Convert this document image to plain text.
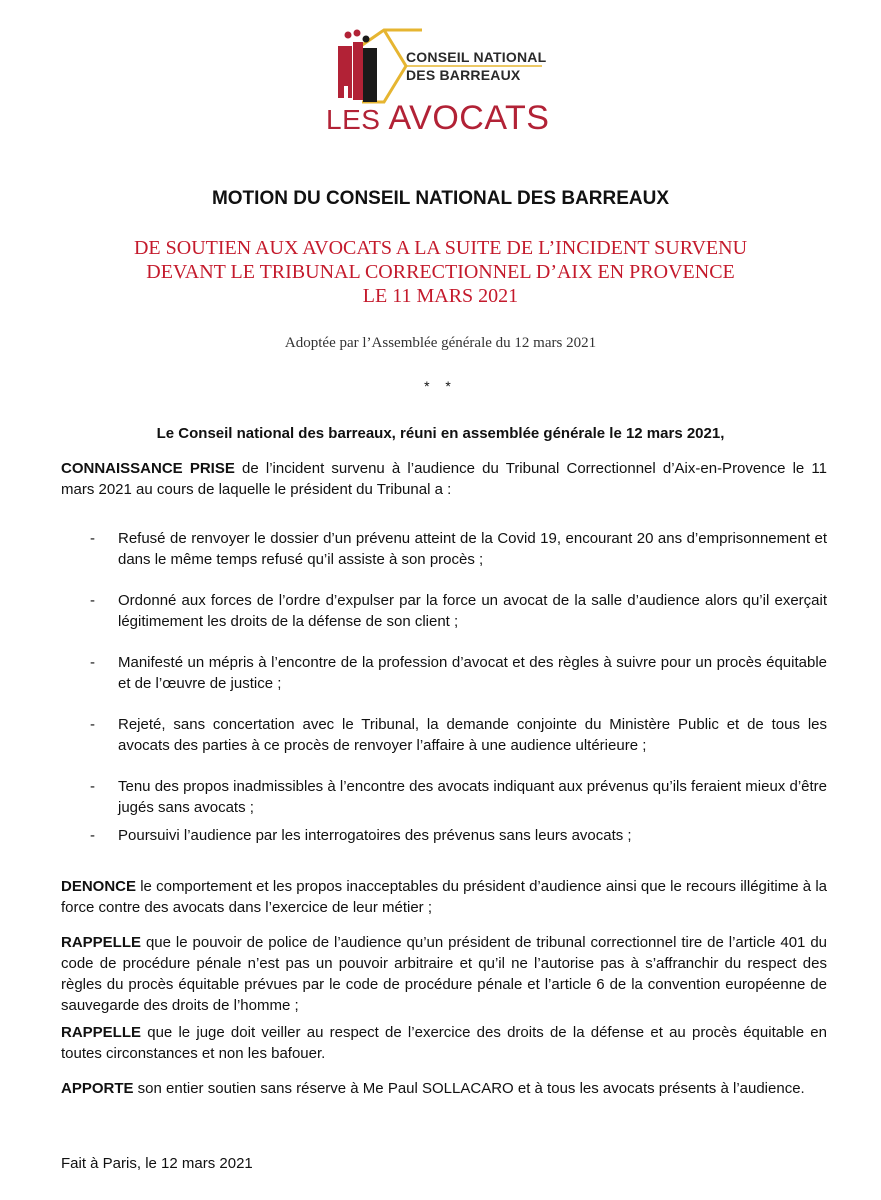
CONSEIL NATIONAL
DES BARREAUX
LES AVOCATS
MOTION DU CONSEIL NATIONAL DES BARREAUX
DE SOUTIEN AUX AVOCATS A LA SUITE DE L’INCIDENT SURVENU
DEVANT LE TRIBUNAL CORRECTIONNEL D’AIX EN PROVENCE
LE 11 MARS 2021
Adoptée par l’Assemblée générale du 12 mars 2021
* *
Le Conseil national des barreaux, réuni en assemblée générale le 12 mars 2021,

CONNAISSANCE PRISE de l’incident survenu à l’audience du Tribunal Correctionnel d’Aix-en-Provence le 11 mars 2021 au cours de laquelle le président du Tribunal a :

- Refusé de renvoyer le dossier d’un prévenu atteint de la Covid 19, encourant 20 ans d’emprisonnement et dans le même temps refusé qu’il assiste à son procès ;
- Ordonné aux forces de l’ordre d’expulser par la force un avocat de la salle d’audience alors qu’il exerçait légitimement les droits de la défense de son client ;
- Manifesté un mépris à l’encontre de la profession d’avocat et des règles à suivre pour un procès équitable et de l’œuvre de justice ;
- Rejeté, sans concertation avec le Tribunal, la demande conjointe du Ministère Public et de tous les avocats des parties à ce procès de renvoyer l’affaire à une audience ultérieure ;
- Tenu des propos inadmissibles à l’encontre des avocats indiquant aux prévenus qu’ils feraient mieux d’être jugés sans avocats ;
- Poursuivi l’audience par les interrogatoires des prévenus sans leurs avocats ;

DENONCE le comportement et les propos inacceptables du président d’audience ainsi que le recours illégitime à la force contre des avocats dans l’exercice de leur métier ;

RAPPELLE que le pouvoir de police de l’audience qu’un président de tribunal correctionnel tire de l’article 401 du code de procédure pénale n’est pas un pouvoir arbitraire et qu’il ne l’autorise pas à s’affranchir du respect des règles du procès équitable prévues par le code de procédure pénale et l’article 6 de la convention européenne de sauvegarde des droits de l’homme ;

RAPPELLE que le juge doit veiller au respect de l’exercice des droits de la défense et au procès équitable en toutes circonstances et non les bafouer.

APPORTE son entier soutien sans réserve à Me Paul SOLLACARO et à tous les avocats présents à l’audience.

Fait à Paris, le 12 mars 2021
